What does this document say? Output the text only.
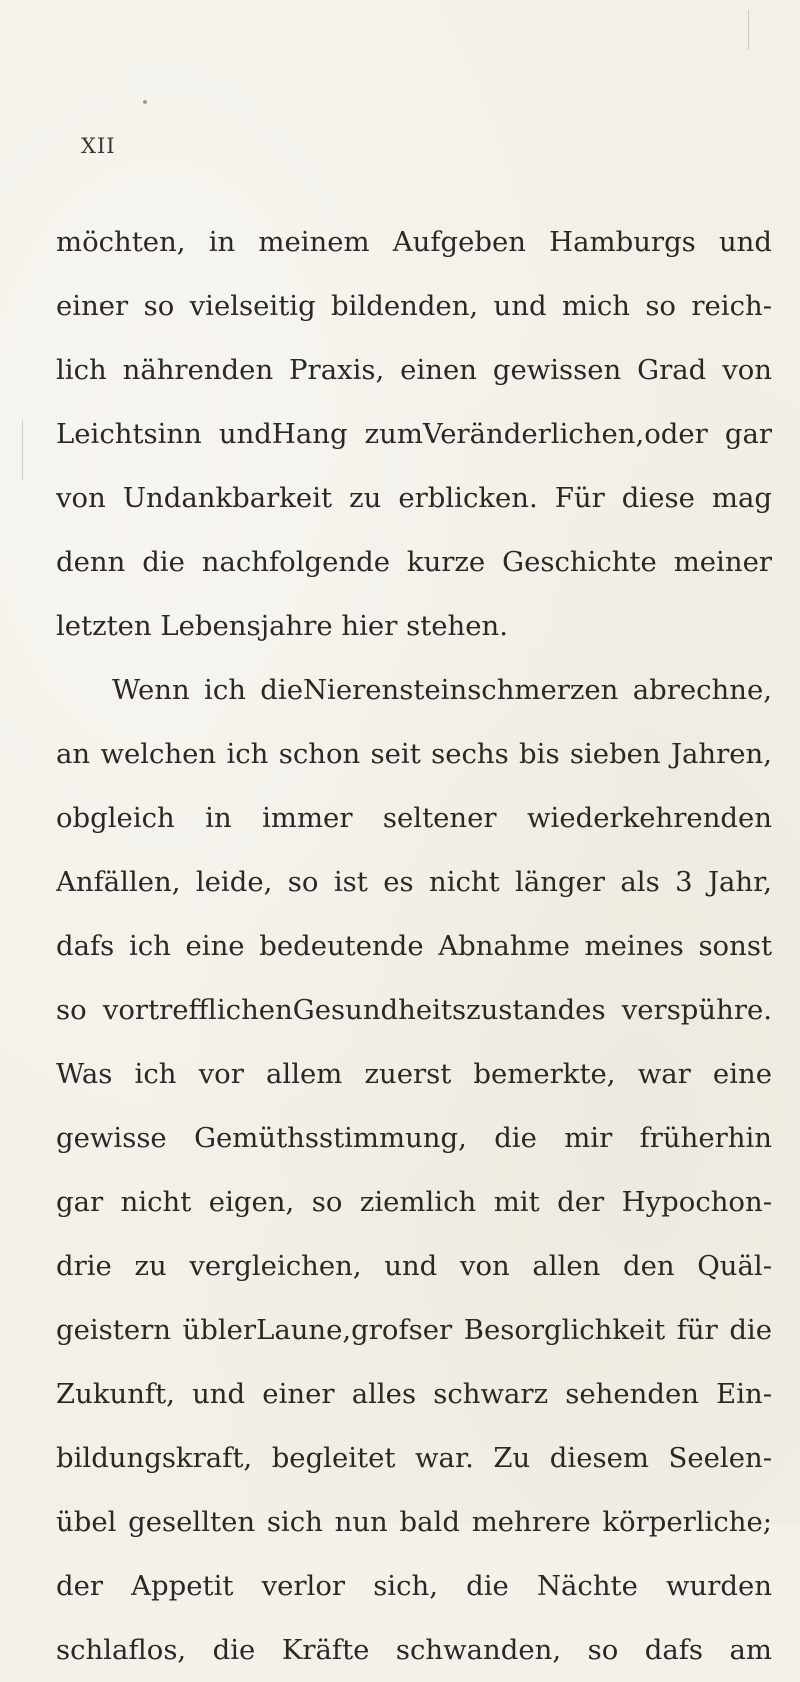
XII
möchten, in meinem Aufgeben Hamburgs und
einer so vielseitig bildenden, und mich so reich-
lich nährenden Praxis, einen gewissen Grad von
Leichtsinn undHang zumVeränderlichen,oder gar
von Undankbarkeit zu erblicken. Für diese mag
denn die nachfolgende kurze Geschichte meiner
letzten Lebensjahre hier stehen.
Wenn ich dieNierensteinschmerzen abrechne,
an welchen ich schon seit sechs bis sieben Jahren,
obgleich in immer seltener wiederkehrenden
Anfällen, leide, so ist es nicht länger als 3 Jahr,
dafs ich eine bedeutende Abnahme meines sonst
so vortrefflichenGesundheitszustandes verspühre.
Was ich vor allem zuerst bemerkte, war eine
gewisse Gemüthsstimmung, die mir früherhin
gar nicht eigen, so ziemlich mit der Hypochon-
drie zu vergleichen, und von allen den Quäl-
geistern üblerLaune,grofser Besorglichkeit für die
Zukunft, und einer alles schwarz sehenden Ein-
bildungskraft, begleitet war. Zu diesem Seelen-
übel gesellten sich nun bald mehrere körperliche;
der Appetit verlor sich, die Nächte wurden
schlaflos, die Kräfte schwanden, so dafs am
